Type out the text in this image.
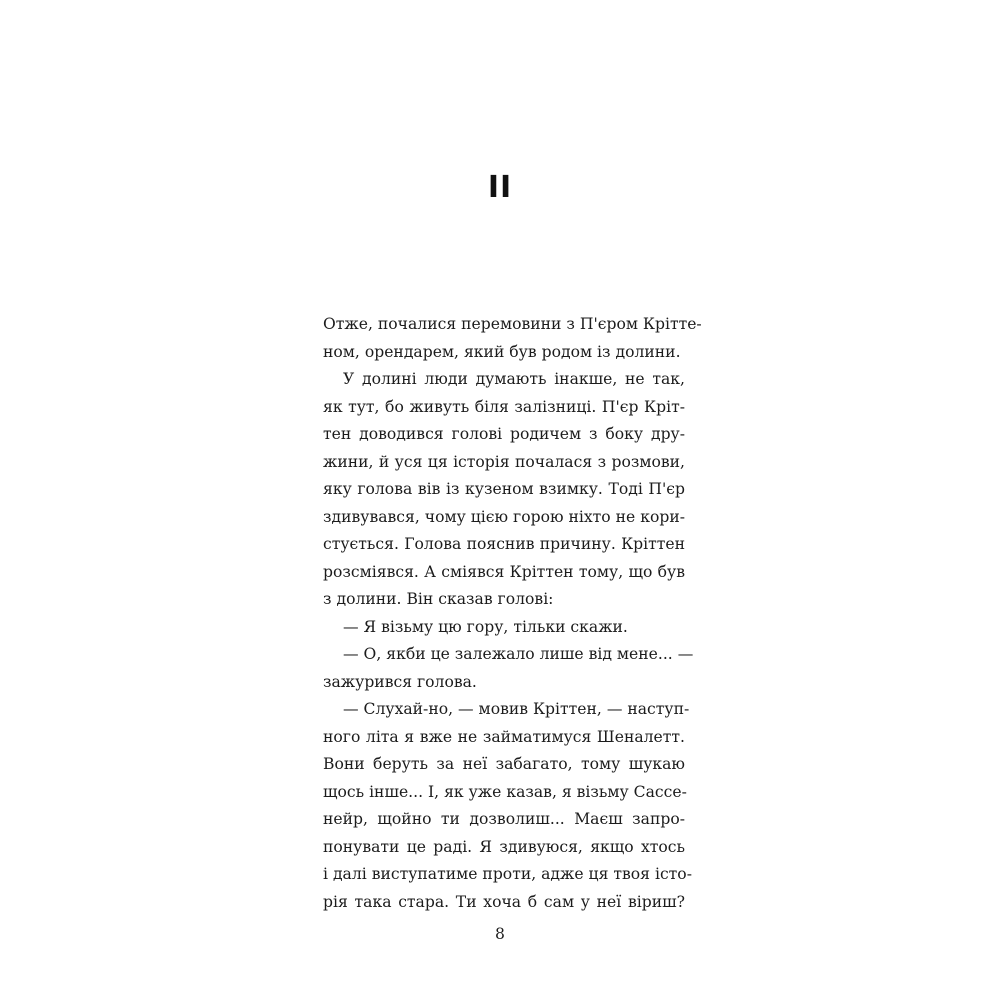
II
Отже, почалися перемовини з П'єром Кріттe-
ном, орендарем, який був родом із долини.
У долині люди думають інакше, не так,
як тут, бо живуть біля залізниці. П'єр Кріт-
тен доводився голові родичем з боку дру-
жини, й уся ця історія почалася з розмови,
яку голова вів із кузеном взимку. Тоді П'єр
здивувався, чому цією горою ніхто не кори-
стується. Голова пояснив причину. Кріттен
розсміявся. А сміявся Кріттен тому, що був
з долини. Він сказав голові:
— Я візьму цю гору, тільки скажи.
— О, якби це залежало лише від мене... —
зажурився голова.
— Слухай-но, — мовив Кріттен, — наступ-
ного літа я вже не займатимуся Шеналетт.
Вони беруть за неї забагато, тому шукаю
щось інше... І, як уже казав, я візьму Сассе-
нейр, щойно ти дозволиш... Маєш запро-
понувати це раді. Я здивуюся, якщо хтось
і далі виступатиме проти, адже ця твоя істо-
рія така стара. Ти хоча б сам у неї віриш?
8
